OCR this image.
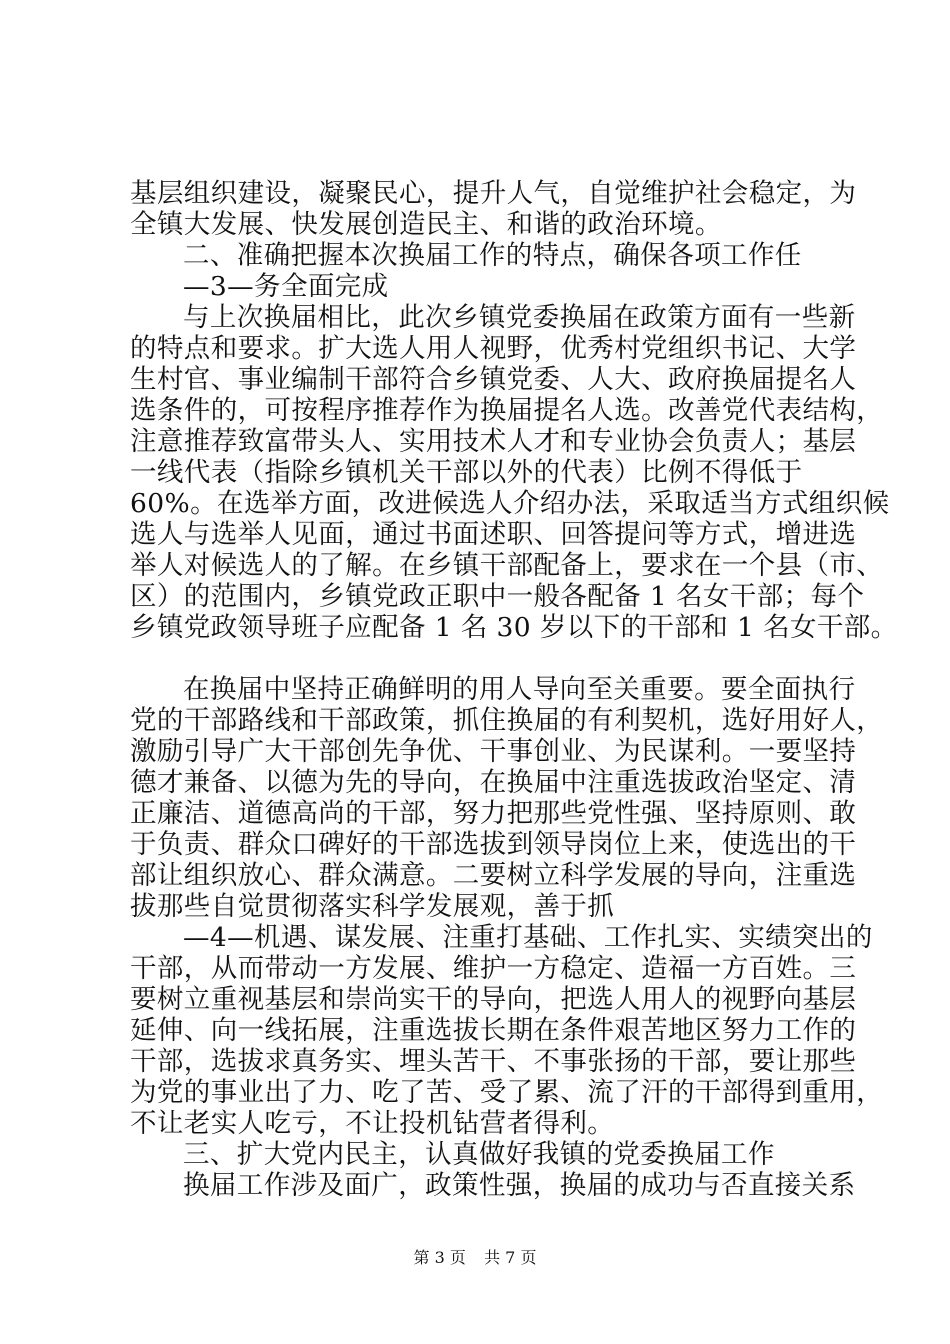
基层组织建设，凝聚民心，提升人气，自觉维护社会稳定，为
全镇大发展、快发展创造民主、和谐的政治环境。
二、准确把握本次换届工作的特点，确保各项工作任
—3—务全面完成
与上次换届相比，此次乡镇党委换届在政策方面有一些新
的特点和要求。扩大选人用人视野，优秀村党组织书记、大学
生村官、事业编制干部符合乡镇党委、人大、政府换届提名人
选条件的，可按程序推荐作为换届提名人选。改善党代表结构，
注意推荐致富带头人、实用技术人才和专业协会负责人；基层
一线代表（指除乡镇机关干部以外的代表）比例不得低于
60%。在选举方面，改进候选人介绍办法，采取适当方式组织候
选人与选举人见面，通过书面述职、回答提问等方式，增进选
举人对候选人的了解。在乡镇干部配备上，要求在一个县（市、
区）的范围内，乡镇党政正职中一般各配备 1 名女干部；每个
乡镇党政领导班子应配备 1 名 30 岁以下的干部和 1 名女干部。
在换届中坚持正确鲜明的用人导向至关重要。要全面执行
党的干部路线和干部政策，抓住换届的有利契机，选好用好人，
激励引导广大干部创先争优、干事创业、为民谋利。一要坚持
德才兼备、以德为先的导向，在换届中注重选拔政治坚定、清
正廉洁、道德高尚的干部，努力把那些党性强、坚持原则、敢
于负责、群众口碑好的干部选拔到领导岗位上来，使选出的干
部让组织放心、群众满意。二要树立科学发展的导向，注重选
拔那些自觉贯彻落实科学发展观，善于抓
—4—机遇、谋发展、注重打基础、工作扎实、实绩突出的
干部，从而带动一方发展、维护一方稳定、造福一方百姓。三
要树立重视基层和崇尚实干的导向，把选人用人的视野向基层
延伸、向一线拓展，注重选拔长期在条件艰苦地区努力工作的
干部，选拔求真务实、埋头苦干、不事张扬的干部，要让那些
为党的事业出了力、吃了苦、受了累、流了汗的干部得到重用，
不让老实人吃亏，不让投机钻营者得利。
三、扩大党内民主，认真做好我镇的党委换届工作
换届工作涉及面广，政策性强，换届的成功与否直接关系
第 3 页 共 7 页
